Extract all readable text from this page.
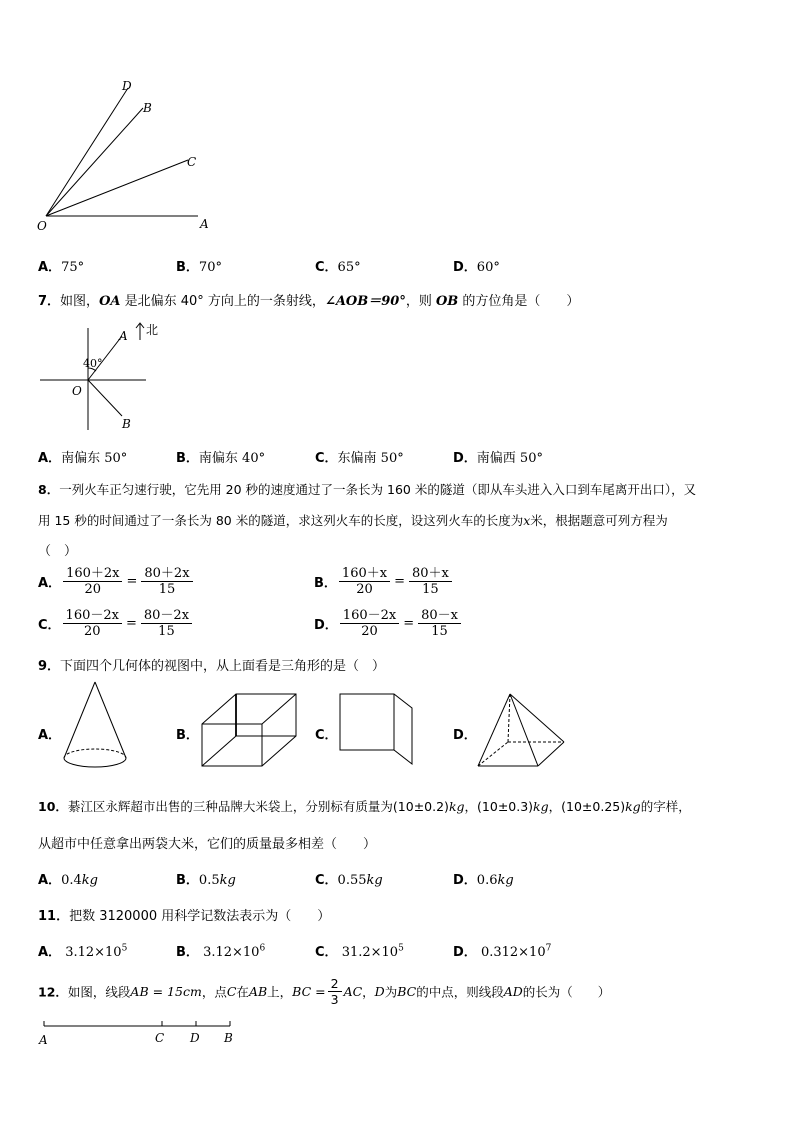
D
B
C
O	A
A．75°	B．70°	C．65°	D．60°
7．如图，OA 是北偏东 40° 方向上的一条射线，∠AOB＝90°，则 OB 的方位角是（　　）
北
40°
A
O
B
A．南偏东 50°	B．南偏东 40°	C．东偏南 50°	D．南偏西 50°
8．一列火车正匀速行驶，它先用 20 秒的速度通过了一条长为 160 米的隧道（即从车头进入入口到车尾离开出口），又
用 15 秒的时间通过了一条长为 80 米的隧道，求这列火车的长度，设这列火车的长度为x米，根据题意可列方程为
（　）
A． $\frac{160+2x}{20} = \frac{80+2x}{15}$	B． $\frac{160+x}{20} = \frac{80+x}{15}$
C． $\frac{160-2x}{20} = \frac{80-2x}{15}$	D． $\frac{160-2x}{20} = \frac{80-x}{15}$
9．下面四个几何体的视图中，从上面看是三角形的是（　）
A．	B．	C．	D．
10．綦江区永辉超市出售的三种品牌大米袋上，分别标有质量为(10±0.2)kg，(10±0.3)kg，(10±0.25)kg的字样，
从超市中任意拿出两袋大米，它们的质量最多相差（　　）
A．0.4kg	B．0.5kg	C．0.55kg	D．0.6kg
11．把数 3120000 用科学记数法表示为（　　）
A． $3.12\times 10^5$	B． $3.12\times 10^6$	C． $31.2\times 10^5$	D． $0.312\times 10^7$
12．如图，线段AB = 15cm，点C在AB上，BC = $\frac{2}{3}$ AC，D为BC的中点，则线段AD的长为（　　）
A	C D B
